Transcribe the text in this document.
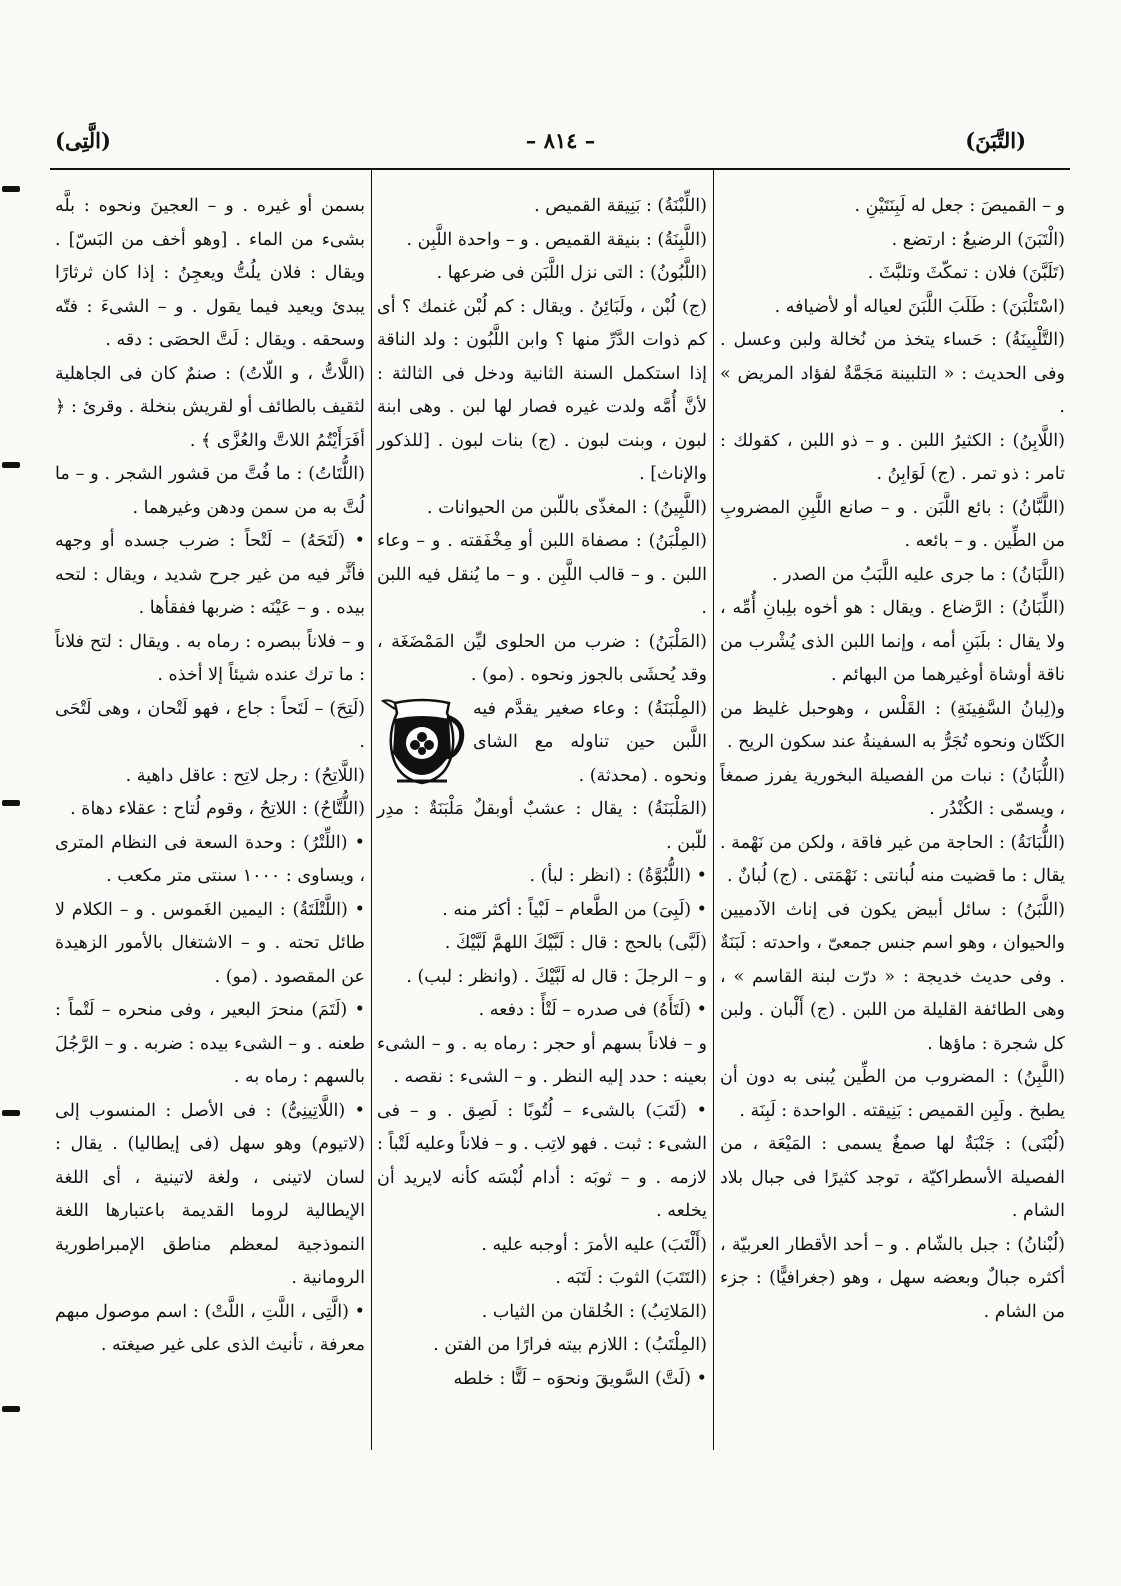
(التَّبَنَ)
– ٨١٤ –
(الَّتِى)

و – القميصَ : جعل له لَبِنَتَيْنِ .

(الْتَبَنَ) الرضيعُ : ارتضع .

(تَلَبَّنَ) فلان : تمكّثَ وتلبَّثَ .

(اسْتَلْبَنَ) : طَلَبَ اللَّبَنَ لعياله أو لأضيافه .

(التَّلْبِينَةُ) : حَساء يتخذ من نُخالة ولبن وعسل . وفى الحديث : « التلبينة مَجَمَّةٌ لفؤاد المريض » .

(اللَّابِنُ) : الكثيرُ اللبن . و – ذو اللبن ، كقولك : تامر : ذو تمر . (ج) لَوَابِنُ .

(اللَّبَّانُ) : بائع اللَّبَن . و – صانع اللَّبِنِ المضروبِ من الطِّين . و – بائعه .

(اللَّبَانُ) : ما جرى عليه اللَّبَبُ من الصدر .

(اللِّبَانُ) : الرَّضاع . ويقال : هو أخوه بلِبانِ أُمِّه ، ولا يقال : بلَبَنِ أمه ، وإنما اللبن الذى يُشْرب من ناقة أوشاة أوغيرهما من البهائم .

و(لِبانُ السَّفِينَةِ) : القَلْس ، وهوحبل غليظ من الكَتّان ونحوه تُجَرُّ به السفينةُ عند سكون الريح .

(اللُّبَانُ) : نبات من الفصيلة البخورية يفرز صمغاً ، ويسمّى : الكُنْدُر .

(اللُّبَانَةُ) : الحاجة من غير فاقة ، ولكن من نَهْمة . يقال : ما قضيت منه لُبانتى : نَهْمَتى . (ج) لُبانٌ .

(اللَّبَنُ) : سائل أبيض يكون فى إناث الآدميين والحيوان ، وهو اسم جنس جمعىّ ، واحدته : لَبَنَةٌ . وفى حديث خديجة : « درّت لبنة القاسم » ، وهى الطائفة القليلة من اللبن . (ج) أَلْبان . ولبن كل شجرة : ماؤها .

(اللَّبِنُ) : المضروب من الطِّين يُبنى به دون أن يطبخ . ولَبِن القميص : بَنِيقته . الواحدة : لَبِنَة .

(لُبْنَى) : جَنْبَةٌ لها صمغٌ يسمى : المَيْعَة ، من الفصيلة الأسطراكيّة ، توجد كثيرًا فى جبال بلاد الشام .

(لُبْنانُ) : جبل بالشّام . و – أحد الأقطار العربيّة ، أكثره جبالٌ وبعضه سهل ، وهو (جغرافيًّا) : جزء من الشام .

(اللِّبْنَةُ) : بَنِيقة القميص .

(اللَّبِنَةُ) : بنيقة القميص . و – واحدة اللَّبِن .

(اللَّبُونُ) : التى نزل اللَّبَن فى ضرعها .

(ج) لُبْن ، ولَبَائِنُ . ويقال : كم لُبْن غنمك ؟ أى كم ذوات الدَّرِّ منها ؟ وابن اللَّبُون : ولد الناقة إذا استكمل السنة الثانية ودخل فى الثالثة : لأنَّ أُمَّه ولدت غيره فصار لها لبن . وهى ابنة لبون ، وبنت لبون . (ج) بنات لبون . [للذكور والإناث] .

(اللَّبِينُ) : المغذّى باللّبن من الحيوانات .

(المِلْبَنُ) : مصفاة اللبن أو مِخْفَقته . و – وعاء اللبن . و – قالب اللَّبِن . و – ما يُنقل فيه اللبن .

(المَلْبَنُ) : ضرب من الحلوى ليِّن المَمْضَغَة ، وقد يُحشَى بالجوز ونحوه . (مو) .

(المِلْبَنَةُ) : وعاء صغير يقدَّم فيه اللَّبن حين تناوله مع الشاى ونحوه . (محدثة) .

(المَلْبَنَةُ) : يقال : عشبٌ أوبقلٌ مَلْبَنَةٌ : مدِر للّبن .

• (اللُّبُوَّةُ) : (انظر : لبأ) .

• (لَبِىَ) من الطَّعام – لَبْياً : أكثر منه .

(لَبَّى) بالحج : قال : لَبَّيْكَ اللهمَّ لَبَّيْكَ .

و – الرجلَ : قال له لَبَّيْكَ . (وانظر : لبب) .

• (لَتَأَهُ) فى صدره – لَتْأً : دفعه .

و – فلاناً بسهم أو حجر : رماه به . و – الشىء بعينه : حدد إليه النظر . و – الشىء : نقصه .

• (لَتَبَ) بالشىء – لُتُوبًا : لَصِق . و – فى الشىء : ثبت . فهو لاتِب . و – فلاناً وعليه لَتْباً : لازمه . و – ثوبَه : أدام لُبْسَه كأنه لايريد أن يخلعه .

(أَلْتَبَ) عليه الأمرَ : أوجبه عليه .

(التَتَبَ) الثوبَ : لَتَبَه .

(المَلاتِبُ) : الخُلقان من الثياب .

(المِلْتَبُ) : اللازم بيته فرارًا من الفتن .

• (لَتَّ) السَّويقَ ونحوَه – لَتًّا : خلطه

بسمن أو غيره . و – العجينَ ونحوه : بلَّه بشىء من الماء . [وهو أخف من البَسّ] . ويقال : فلان يلُتُّ ويعجِنُ : إذا كان ثرثارًا يبدئ ويعيد فيما يقول . و – الشىءَ : فتّه وسحقه . ويقال : لَتَّ الحصَى : دقه .

(اللَّاتُّ ، و اللّاتُ) : صنمٌ كان فى الجاهلية لثقيف بالطائف أو لقريش بنخلة . وقرئ : ﴿ أفَرَأَيْتُمُ اللاتَّ والعُزَّى ﴾ .

(اللُّتَاتُ) : ما فُتَّ من قشور الشجر . و – ما لُتَّ به من سمن ودهن وغيرهما .

• (لَتَحَهُ) – لَتْحاً : ضرب جسده أو وجهه فأثَّر فيه من غير جرح شديد ، ويقال : لتحه بيده . و – عَيْنَه : ضربها ففقأها .

و – فلاناً ببصره : رماه به . ويقال : لتح فلاناً : ما ترك عنده شيئاً إلا أخذه .

(لَتِحَ) – لَتَحاً : جاع ، فهو لَتْحان ، وهى لَتْحَى .

(اللَّاتِحُ) : رجل لاتِح : عاقل داهية .

(اللُّتَّاحُ) : اللاتِحُ ، وقوم لُتاح : عقلاء دهاة .

• (اللِّتْرُ) : وحدة السعة فى النظام المترى ، ويساوى : ١٠٠٠ سنتى متر مكعب .

• (اللَّتْلَتَةُ) : اليمين الغَموس . و – الكلام لا طائل تحته . و – الاشتغال بالأمور الزهيدة عن المقصود . (مو) .

• (لَتَمَ) منحرَ البعير ، وفى منحره – لَتْماً : طعنه . و – الشىء بيده : ضربه . و – الرَّجُلَ بالسهم : رماه به .

• (اللَّاتِينِىُّ) : فى الأصل : المنسوب إلى (لاتيوم) وهو سهل (فى إيطاليا) . يقال : لسان لاتينى ، ولغة لاتينية ، أى اللغة الإيطالية لروما القديمة باعتبارها اللغة النموذجية لمعظم مناطق الإمبراطورية الرومانية .

• (الَّتِى ، اللَّتِ ، اللَّتْ) : اسم موصول مبهم معرفة ، تأنيث الذى على غير صيغته .
